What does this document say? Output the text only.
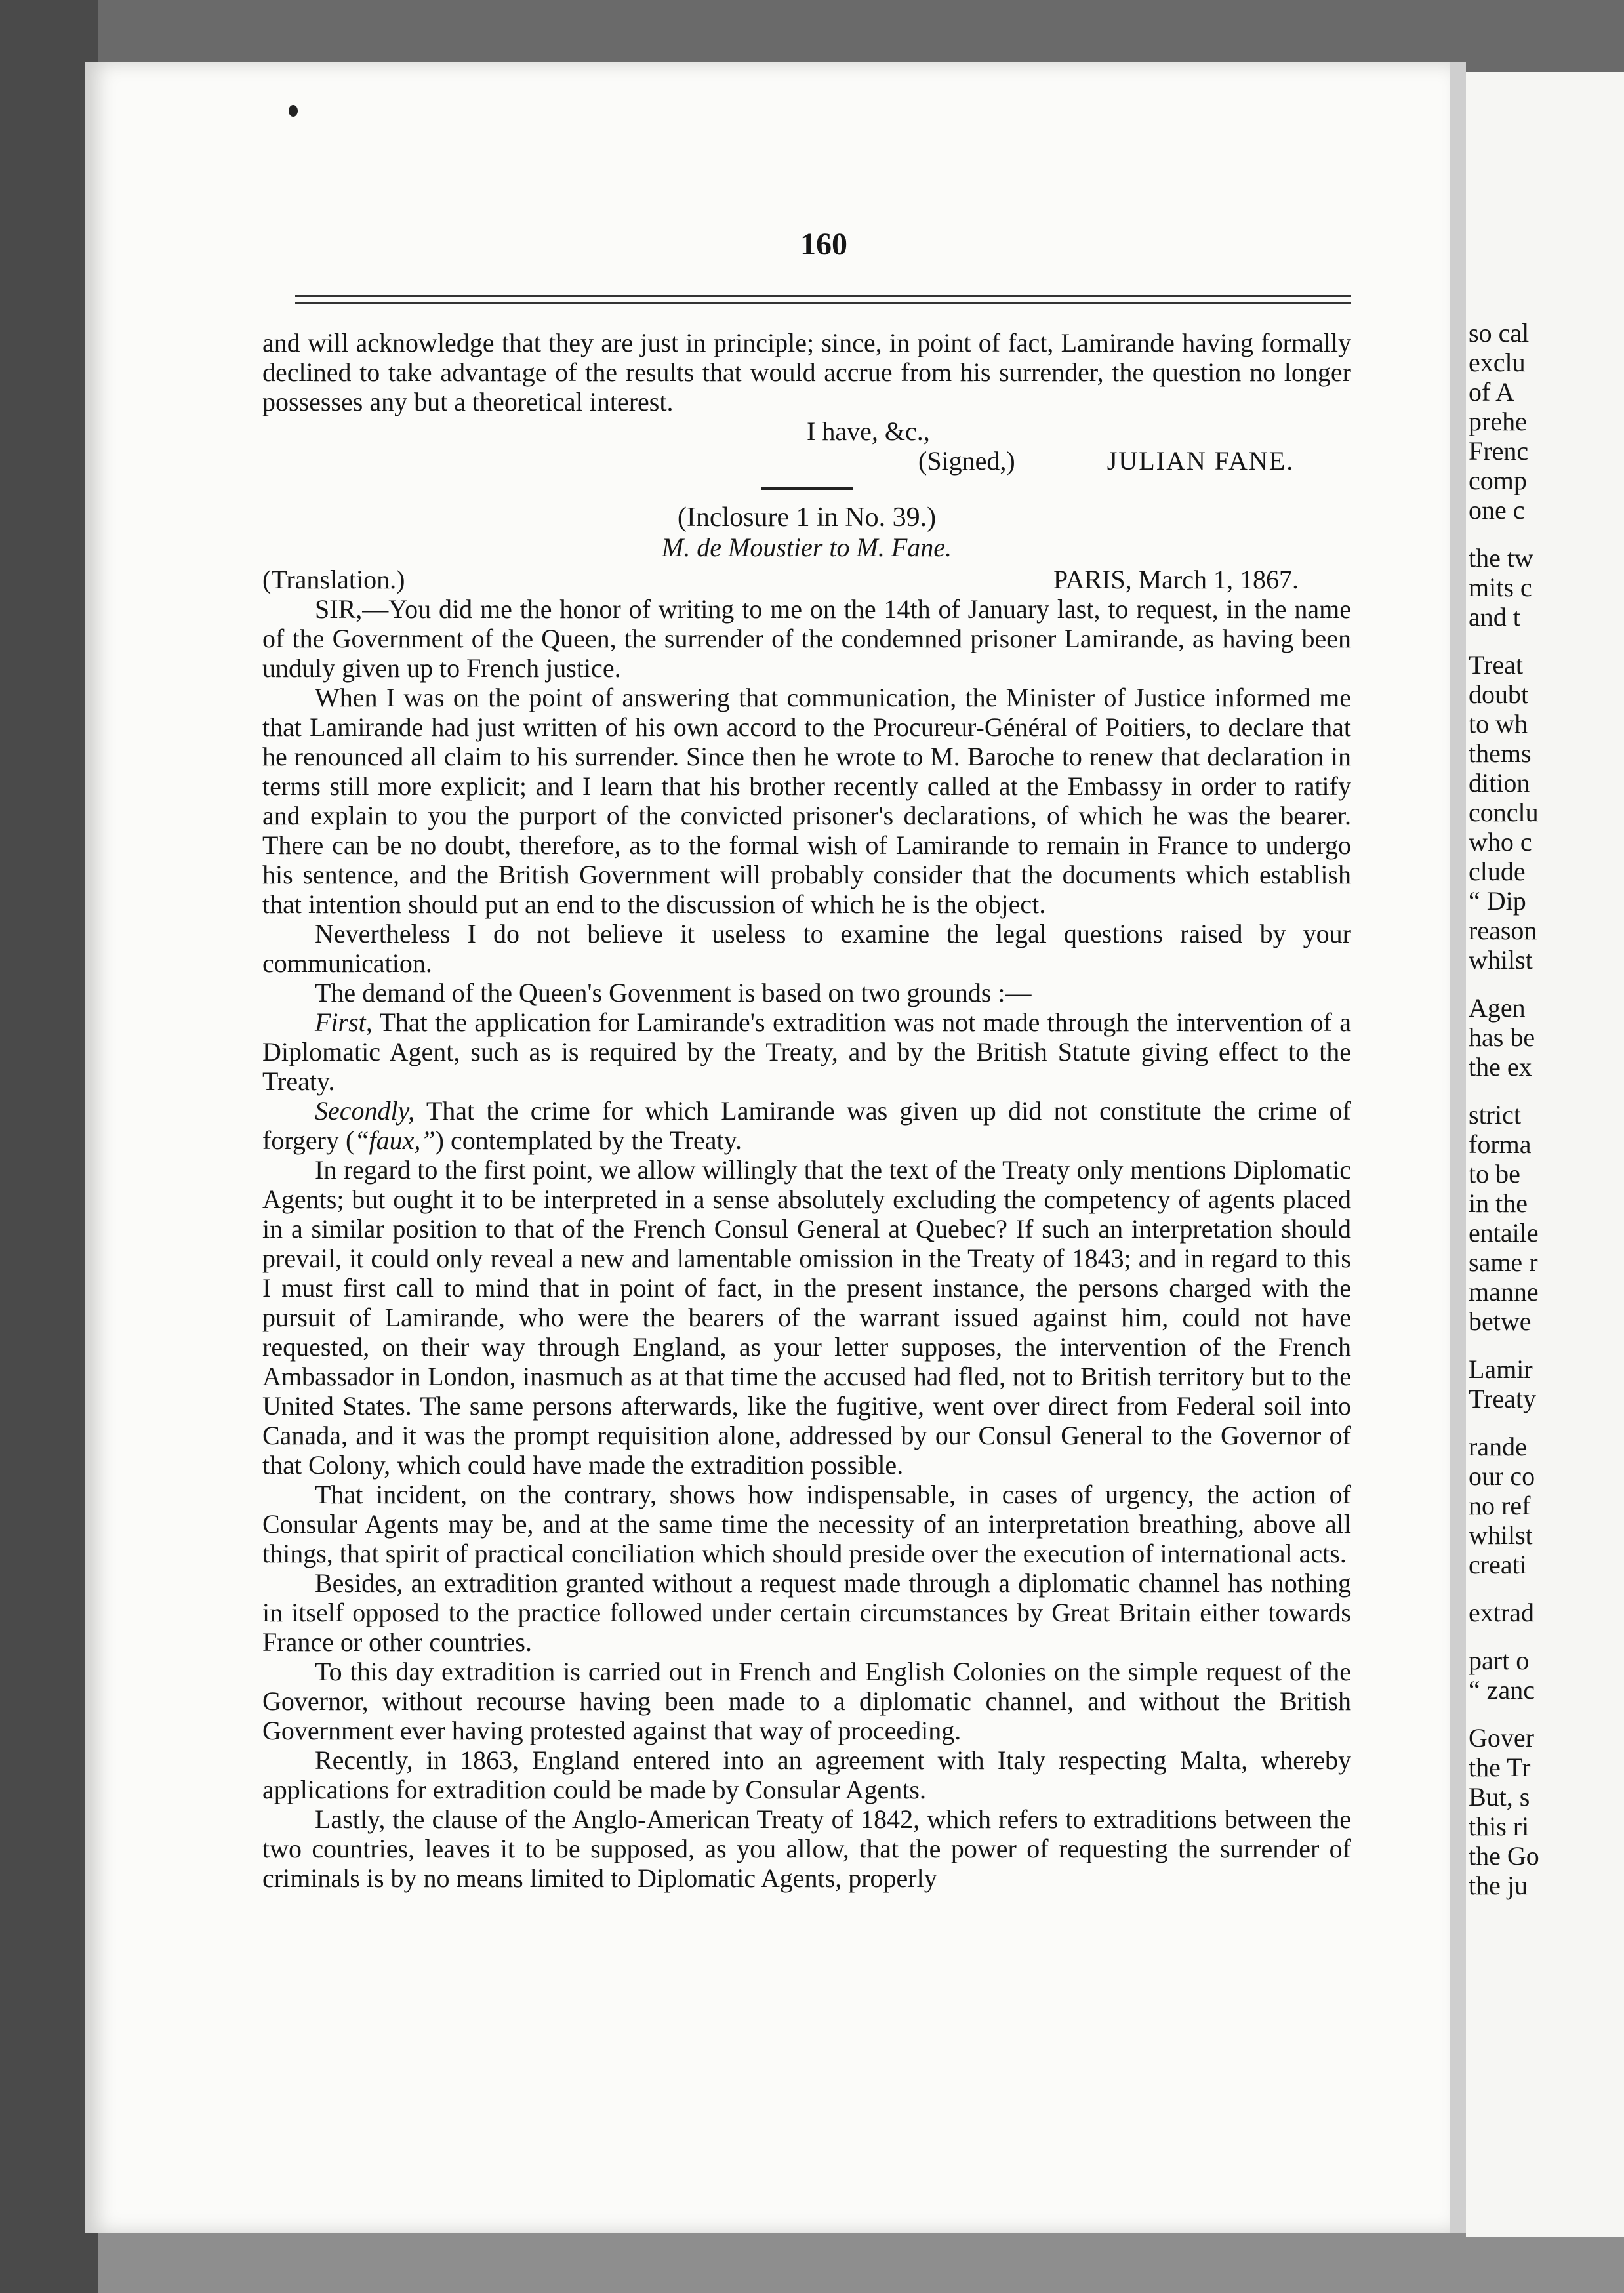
160

and will acknowledge that they are just in principle; since, in point of fact, Lamirande having formally declined to take advantage of the results that would accrue from his surrender, the question no longer possesses any but a theoretical interest.

I have, &c.,

(Signed,)	JULIAN FANE.

(Inclosure 1 in No. 39.)

M. de Moustier to M. Fane.

(Translation.)	PARIS, March 1, 1867.

SIR,—You did me the honor of writing to me on the 14th of January last, to request, in the name of the Government of the Queen, the surrender of the condemned prisoner Lamirande, as having been unduly given up to French justice.

When I was on the point of answering that communication, the Minister of Justice informed me that Lamirande had just written of his own accord to the Procureur-Général of Poitiers, to declare that he renounced all claim to his surrender. Since then he wrote to M. Baroche to renew that declaration in terms still more explicit; and I learn that his brother recently called at the Embassy in order to ratify and explain to you the purport of the convicted prisoner's declarations, of which he was the bearer. There can be no doubt, therefore, as to the formal wish of Lamirande to remain in France to undergo his sentence, and the British Government will probably consider that the documents which establish that intention should put an end to the discussion of which he is the object.

Nevertheless I do not believe it useless to examine the legal questions raised by your communication.

The demand of the Queen's Govenment is based on two grounds :—

First, That the application for Lamirande's extradition was not made through the intervention of a Diplomatic Agent, such as is required by the Treaty, and by the British Statute giving effect to the Treaty.

Secondly, That the crime for which Lamirande was given up did not constitute the crime of forgery (“faux,”) contemplated by the Treaty.

In regard to the first point, we allow willingly that the text of the Treaty only mentions Diplomatic Agents; but ought it to be interpreted in a sense absolutely excluding the competency of agents placed in a similar position to that of the French Consul General at Quebec? If such an interpretation should prevail, it could only reveal a new and lamentable omission in the Treaty of 1843; and in regard to this I must first call to mind that in point of fact, in the present instance, the persons charged with the pursuit of Lamirande, who were the bearers of the warrant issued against him, could not have requested, on their way through England, as your letter supposes, the intervention of the French Ambassador in London, inasmuch as at that time the accused had fled, not to British territory but to the United States. The same persons afterwards, like the fugitive, went over direct from Federal soil into Canada, and it was the prompt requisition alone, addressed by our Consul General to the Governor of that Colony, which could have made the extradition possible.

That incident, on the contrary, shows how indispensable, in cases of urgency, the action of Consular Agents may be, and at the same time the necessity of an interpretation breathing, above all things, that spirit of practical conciliation which should preside over the execution of international acts.

Besides, an extradition granted without a request made through a diplomatic channel has nothing in itself opposed to the practice followed under certain circumstances by Great Britain either towards France or other countries.

To this day extradition is carried out in French and English Colonies on the simple request of the Governor, without recourse having been made to a diplomatic channel, and without the British Government ever having protested against that way of proceeding.

Recently, in 1863, England entered into an agreement with Italy respecting Malta, whereby applications for extradition could be made by Consular Agents.

Lastly, the clause of the Anglo-American Treaty of 1842, which refers to extraditions between the two countries, leaves it to be supposed, as you allow, that the power of requesting the surrender of criminals is by no means limited to Diplomatic Agents, properly

so cal
exclu
of A
prehe
Frenc
comp
one c
the tw
mits c
and t
Treat
doubt
to wh
thems
dition
conclu
who c
clude
“ Dip
reason
whilst
Agen
has be
the ex
strict
forma
to be
in the
entaile
same r
manne
betwe
Lamir
Treaty
rande
our co
no ref
whilst
creati
extrad
part o
“ zanc
Gover
the Tr
But, s
this ri
the Go
the ju
